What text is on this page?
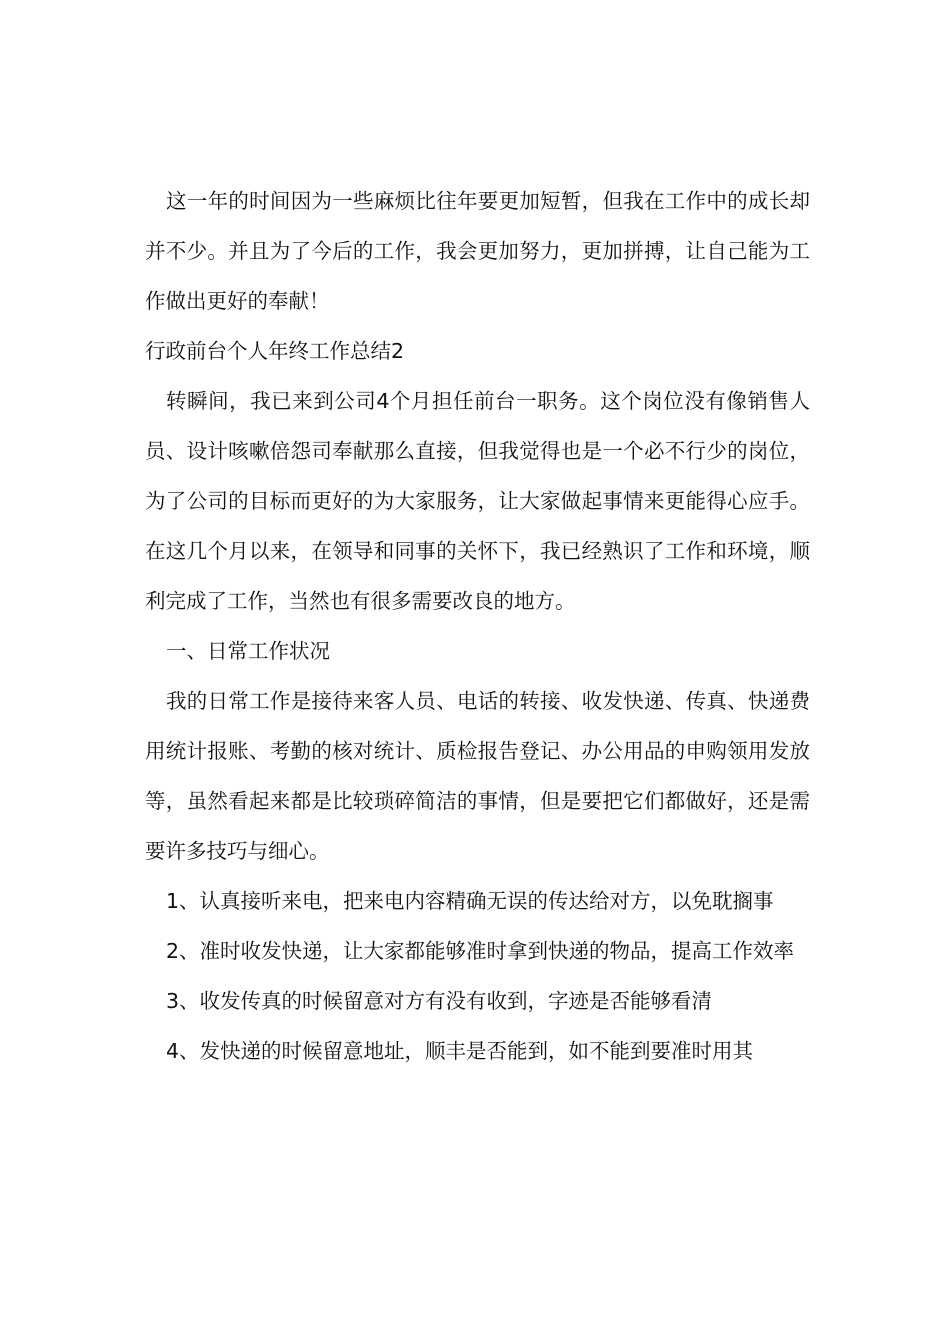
这一年的时间因为一些麻烦比往年要更加短暂，但我在工作中的成长却并不少。并且为了今后的工作，我会更加努力，更加拼搏，让自己能为工作做出更好的奉献！

行政前台个人年终工作总结2

转瞬间，我已来到公司4个月担任前台一职务。这个岗位没有像销售人员、设计咳嗽倍怨司奉献那么直接，但我觉得也是一个必不行少的岗位，为了公司的目标而更好的为大家服务，让大家做起事情来更能得心应手。在这几个月以来，在领导和同事的关怀下，我已经熟识了工作和环境，顺利完成了工作，当然也有很多需要改良的地方。

一、日常工作状况

我的日常工作是接待来客人员、电话的转接、收发快递、传真、快递费用统计报账、考勤的核对统计、质检报告登记、办公用品的申购领用发放等，虽然看起来都是比较琐碎简洁的事情，但是要把它们都做好，还是需要许多技巧与细心。

1、认真接听来电，把来电内容精确无误的传达给对方，以免耽搁事

2、准时收发快递，让大家都能够准时拿到快递的物品，提高工作效率

3、收发传真的时候留意对方有没有收到，字迹是否能够看清

4、发快递的时候留意地址，顺丰是否能到，如不能到要准时用其
